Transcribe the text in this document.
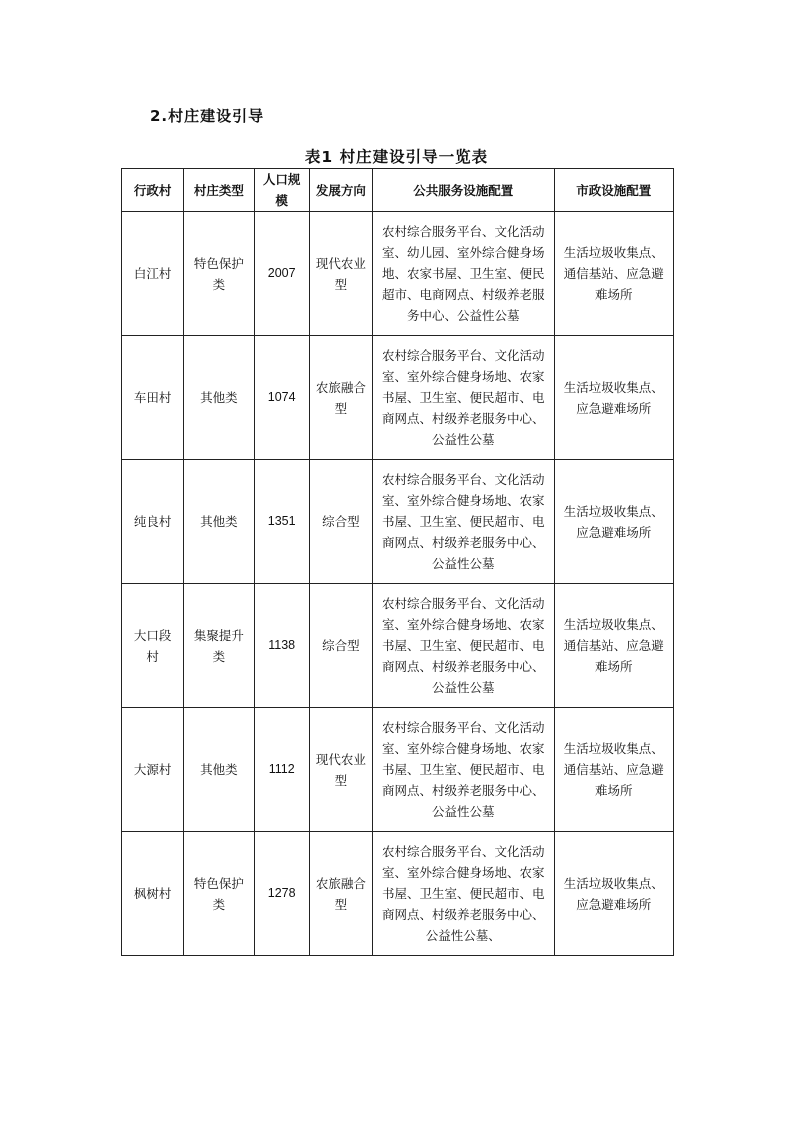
2.村庄建设引导
表1 村庄建设引导一览表
行政村	村庄类型	人口规模	发展方向	公共服务设施配置	市政设施配置

白江村	特色保护类	2007	现代农业型	农村综合服务平台、文化活动室、幼儿园、室外综合健身场地、农家书屋、卫生室、便民超市、电商网点、村级养老服务中心、公益性公墓	生活垃圾收集点、通信基站、应急避难场所

车田村	其他类	1074	农旅融合型	农村综合服务平台、文化活动室、室外综合健身场地、农家书屋、卫生室、便民超市、电商网点、村级养老服务中心、公益性公墓	生活垃圾收集点、应急避难场所

纯良村	其他类	1351	综合型	农村综合服务平台、文化活动室、室外综合健身场地、农家书屋、卫生室、便民超市、电商网点、村级养老服务中心、公益性公墓	生活垃圾收集点、应急避难场所

大口段村	集聚提升类	1138	综合型	农村综合服务平台、文化活动室、室外综合健身场地、农家书屋、卫生室、便民超市、电商网点、村级养老服务中心、公益性公墓	生活垃圾收集点、通信基站、应急避难场所

大源村	其他类	1112	现代农业型	农村综合服务平台、文化活动室、室外综合健身场地、农家书屋、卫生室、便民超市、电商网点、村级养老服务中心、公益性公墓	生活垃圾收集点、通信基站、应急避难场所

枫树村	特色保护类	1278	农旅融合型	农村综合服务平台、文化活动室、室外综合健身场地、农家书屋、卫生室、便民超市、电商网点、村级养老服务中心、公益性公墓、	生活垃圾收集点、应急避难场所
